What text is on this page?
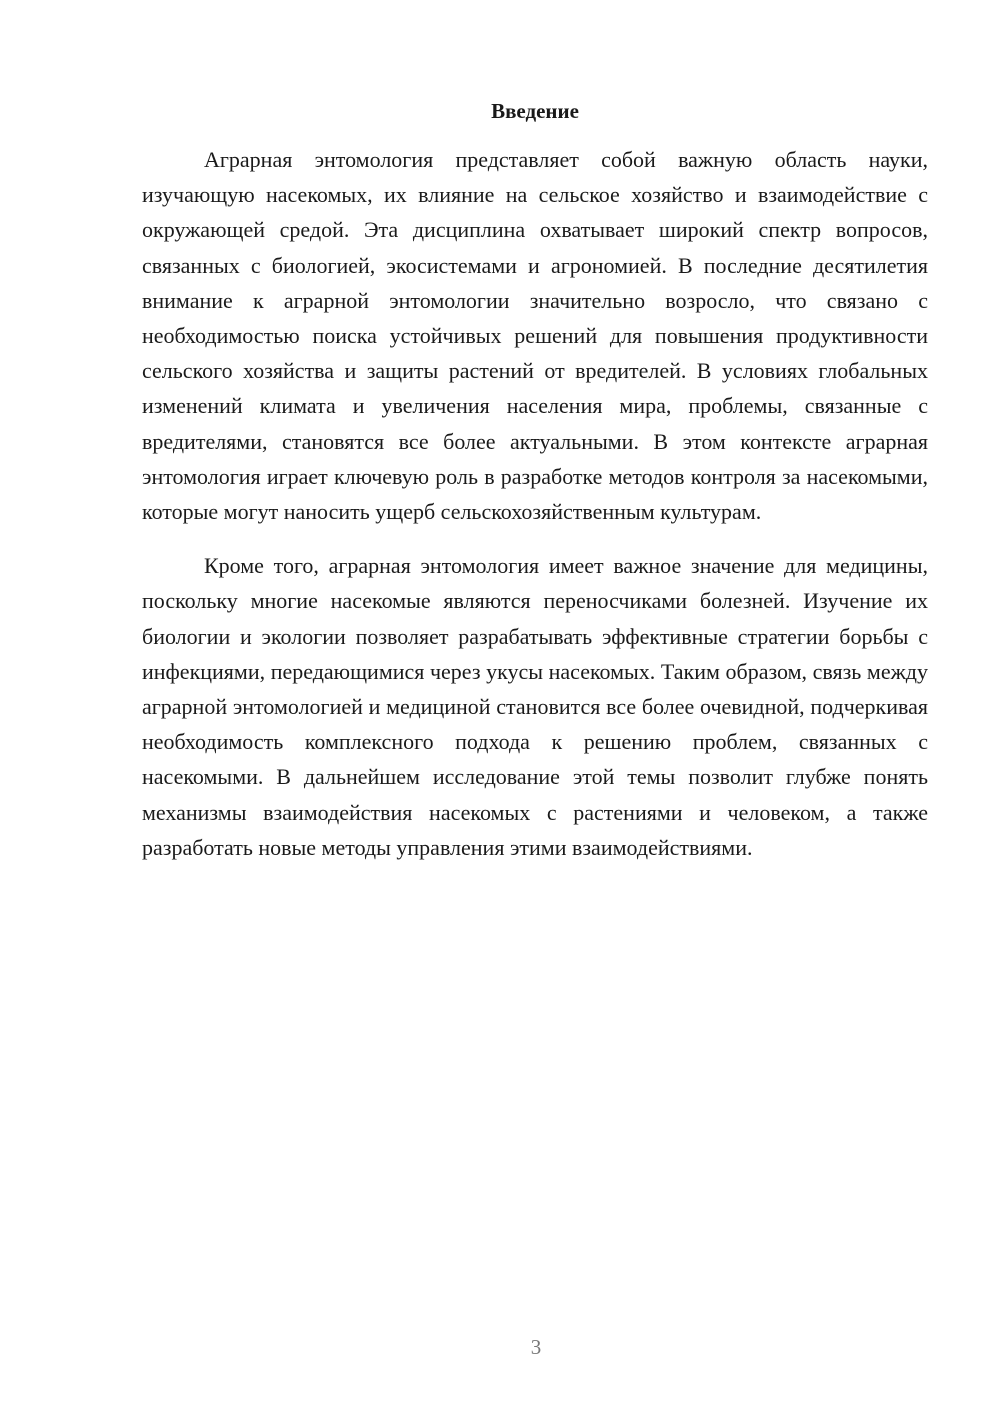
Введение

Аграрная энтомология представляет собой важную область науки, изучающую насекомых, их влияние на сельское хозяйство и взаимодействие с окружающей средой. Эта дисциплина охватывает широкий спектр вопросов, связанных с биологией, экосистемами и агрономией. В последние десятилетия внимание к аграрной энтомологии значительно возросло, что связано с необходимостью поиска устойчивых решений для повышения продуктивности сельского хозяйства и защиты растений от вредителей. В условиях глобальных изменений климата и увеличения населения мира, проблемы, связанные с вредителями, становятся все более актуальными. В этом контексте аграрная энтомология играет ключевую роль в разработке методов контроля за насекомыми, которые могут наносить ущерб сельскохозяйственным культурам.

Кроме того, аграрная энтомология имеет важное значение для медицины, поскольку многие насекомые являются переносчиками болезней. Изучение их биологии и экологии позволяет разрабатывать эффективные стратегии борьбы с инфекциями, передающимися через укусы насекомых. Таким образом, связь между аграрной энтомологией и медициной становится все более очевидной, подчеркивая необходимость комплексного подхода к решению проблем, связанных с насекомыми. В дальнейшем исследование этой темы позволит глубже понять механизмы взаимодействия насекомых с растениями и человеком, а также разработать новые методы управления этими взаимодействиями.

3
